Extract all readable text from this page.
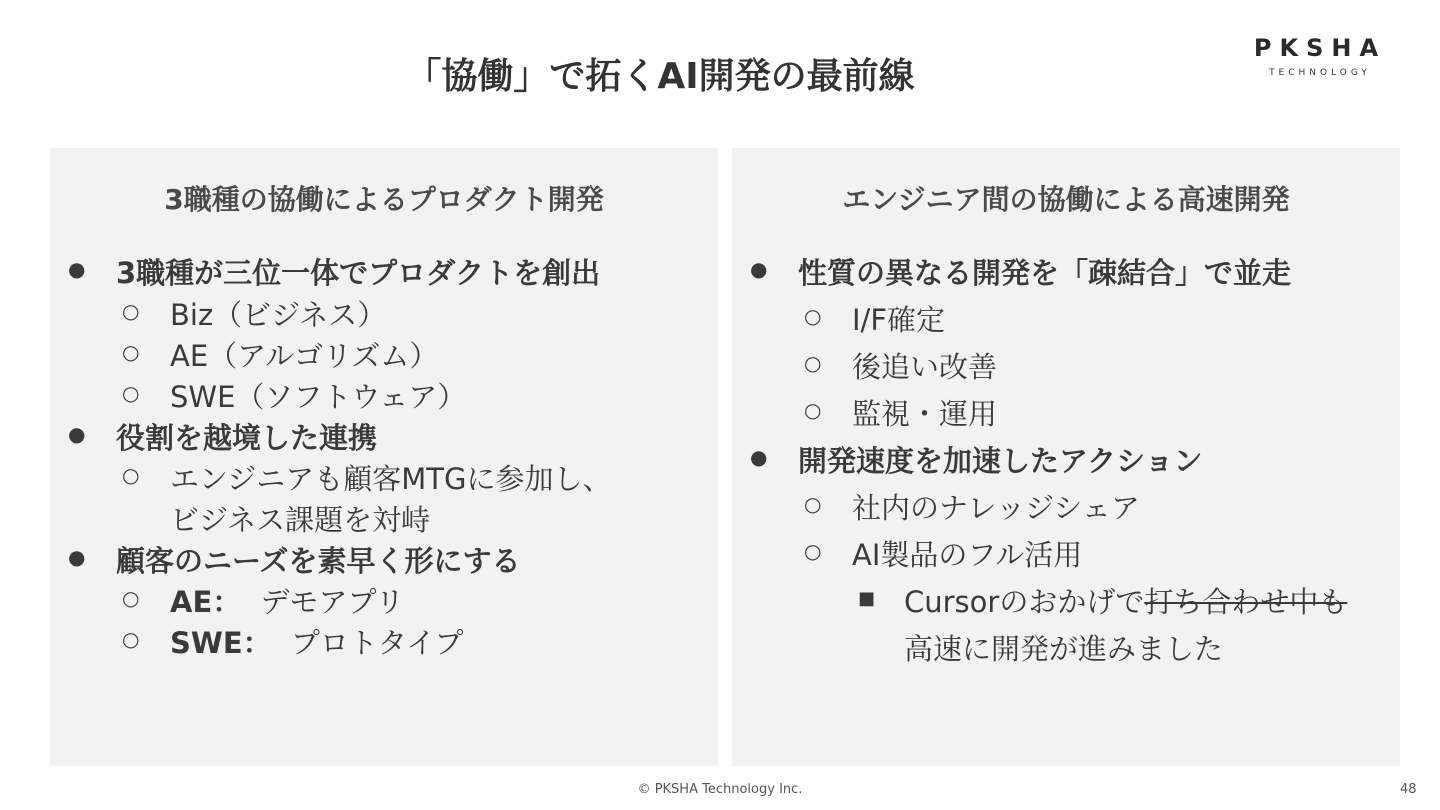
「協働」で拓くAI開発の最前線
PKSHA
TECHNOLOGY
3職種の協働によるプロダクト開発
● 3職種が三位一体でプロダクトを創出
○ Biz（ビジネス）
○ AE（アルゴリズム）
○ SWE（ソフトウェア）
● 役割を越境した連携
○ エンジニアも顧客MTGに参加し、
ビジネス課題を対峙
● 顧客のニーズを素早く形にする
○ AE： デモアプリ
○ SWE： プロトタイプ
エンジニア間の協働による高速開発
● 性質の異なる開発を「疎結合」で並走
○ I/F確定
○ 後追い改善
○ 監視・運用
● 開発速度を加速したアクション
○ 社内のナレッジシェア
○ AI製品のフル活用
■ Cursorのおかげで打ち合わせ中も
高速に開発が進みました
© PKSHA Technology Inc.	48
